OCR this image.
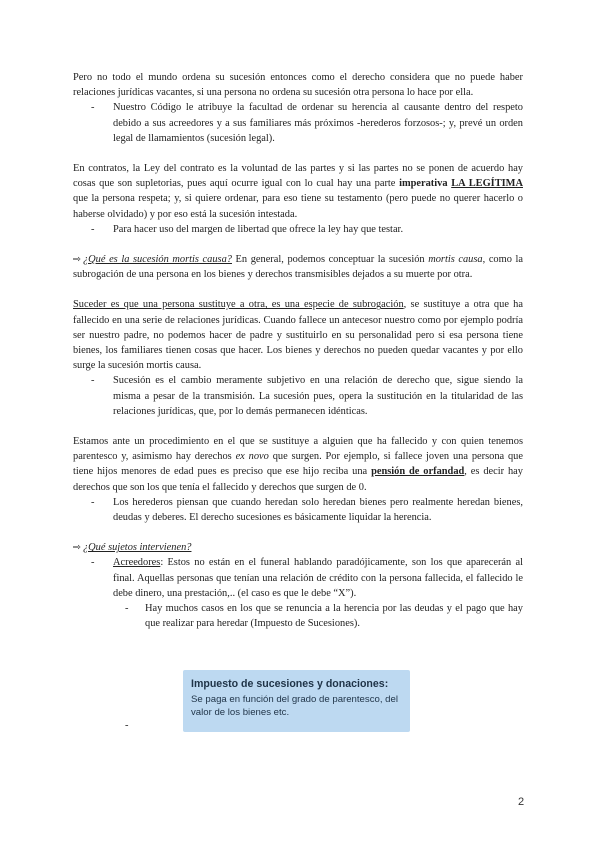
Pero no todo el mundo ordena su sucesión entonces como el derecho considera que no puede haber relaciones jurídicas vacantes, si una persona no ordena su sucesión otra persona lo hace por ella.

- Nuestro Código le atribuye la facultad de ordenar su herencia al causante dentro del respeto debido a sus acreedores y a sus familiares más próximos -herederos forzosos-; y, prevé un orden legal de llamamientos (sucesión legal).

En contratos, la Ley del contrato es la voluntad de las partes y si las partes no se ponen de acuerdo hay cosas que son supletorias, pues aquí ocurre igual con lo cual hay una parte imperativa LA LEGÍTIMA que la persona respeta; y, si quiere ordenar, para eso tiene su testamento (pero puede no querer hacerlo o haberse olvidado) y por eso está la sucesión intestada.

- Para hacer uso del margen de libertad que ofrece la ley hay que testar.

⇨ ¿Qué es la sucesión mortis causa? En general, podemos conceptuar la sucesión mortis causa, como la subrogación de una persona en los bienes y derechos transmisibles dejados a su muerte por otra.

Suceder es que una persona sustituye a otra, es una especie de subrogación, se sustituye a otra que ha fallecido en una serie de relaciones jurídicas. Cuando fallece un antecesor nuestro como por ejemplo podría ser nuestro padre, no podemos hacer de padre y sustituirlo en su personalidad pero si esa persona tiene bienes, los familiares tienen cosas que hacer. Los bienes y derechos no pueden quedar vacantes y por ello surge la sucesión mortis causa.

- Sucesión es el cambio meramente subjetivo en una relación de derecho que, sigue siendo la misma a pesar de la transmisión. La sucesión pues, opera la sustitución en la titularidad de las relaciones jurídicas, que, por lo demás permanecen idénticas.

Estamos ante un procedimiento en el que se sustituye a alguien que ha fallecido y con quien tenemos parentesco y, asimismo hay derechos ex novo que surgen. Por ejemplo, si fallece joven una persona que tiene hijos menores de edad pues es preciso que ese hijo reciba una pensión de orfandad, es decir hay derechos que son los que tenía el fallecido y derechos que surgen de 0.

- Los herederos piensan que cuando heredan solo heredan bienes pero realmente heredan bienes, deudas y deberes. El derecho sucesiones es básicamente liquidar la herencia.

⇨ ¿Qué sujetos intervienen?

- Acreedores: Estos no están en el funeral hablando paradójicamente, son los que aparecerán al final. Aquellas personas que tenían una relación de crédito con la persona fallecida, el fallecido le debe dinero, una prestación,.. (el caso es que le debe “X”).
- Hay muchos casos en los que se renuncia a la herencia por las deudas y el pago que hay que realizar para heredar (Impuesto de Sucesiones).
Impuesto de sucesiones y donaciones:
Se paga en función del grado de parentesco, del valor de los bienes etc.
-
2
